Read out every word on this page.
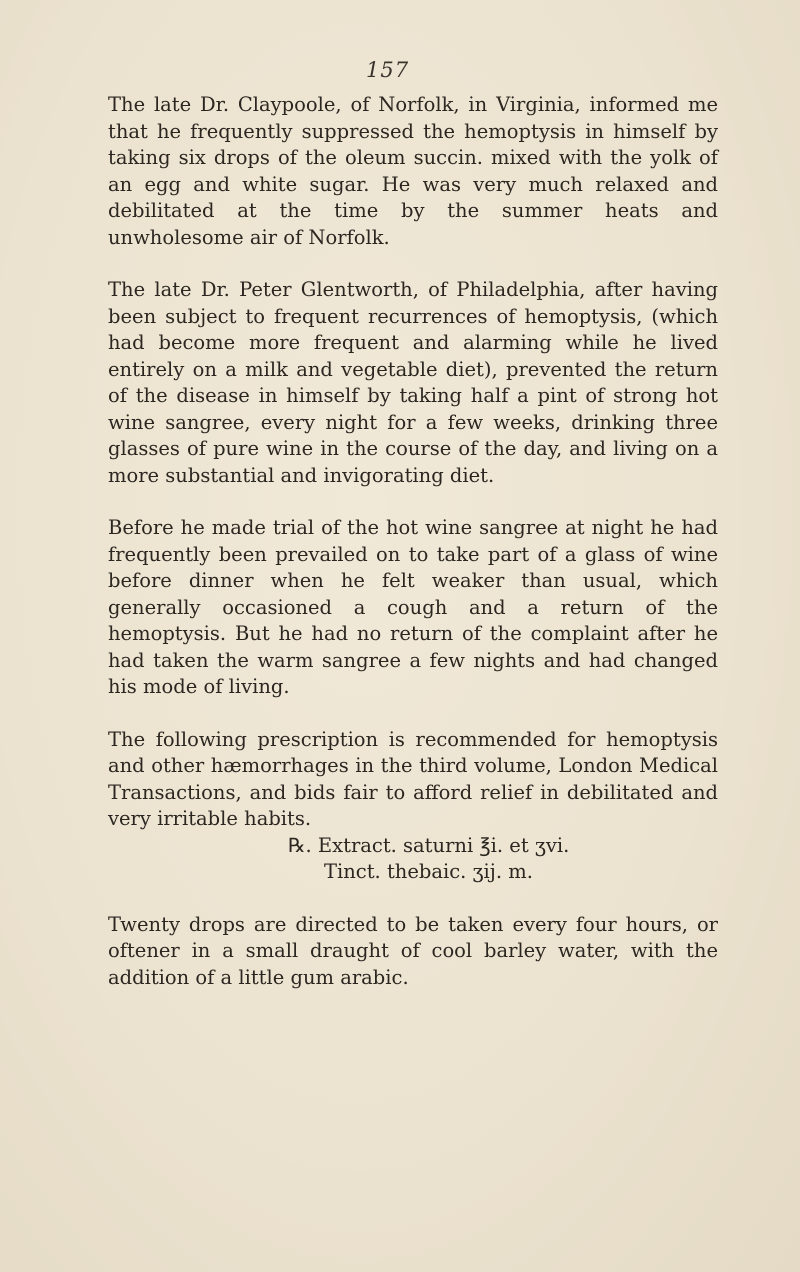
157

The late Dr. Claypoole, of Norfolk, in Virginia, informed me that he frequently suppressed the hemoptysis in himself by taking six drops of the oleum succin. mixed with the yolk of an egg and white sugar. He was very much relaxed and debilitated at the time by the summer heats and unwholesome air of Norfolk.

The late Dr. Peter Glentworth, of Philadelphia, after having been subject to frequent recurrences of hemoptysis, (which had become more frequent and alarming while he lived entirely on a milk and vegetable diet), prevented the return of the disease in himself by taking half a pint of strong hot wine sangree, every night for a few weeks, drinking three glasses of pure wine in the course of the day, and living on a more substantial and invigorating diet.

Before he made trial of the hot wine sangree at night he had frequently been prevailed on to take part of a glass of wine before dinner when he felt weaker than usual, which generally occasioned a cough and a return of the hemoptysis. But he had no return of the complaint after he had taken the warm sangree a few nights and had changed his mode of living.

The following prescription is recommended for hemoptysis and other hæmorrhages in the third volume, London Medical Transactions, and bids fair to afford relief in debilitated and very irritable habits.

℞. Extract. saturni ℥i. et ʒvi.
Tinct. thebaic. ʒij. m.

Twenty drops are directed to be taken every four hours, or oftener in a small draught of cool barley water, with the addition of a little gum arabic.
